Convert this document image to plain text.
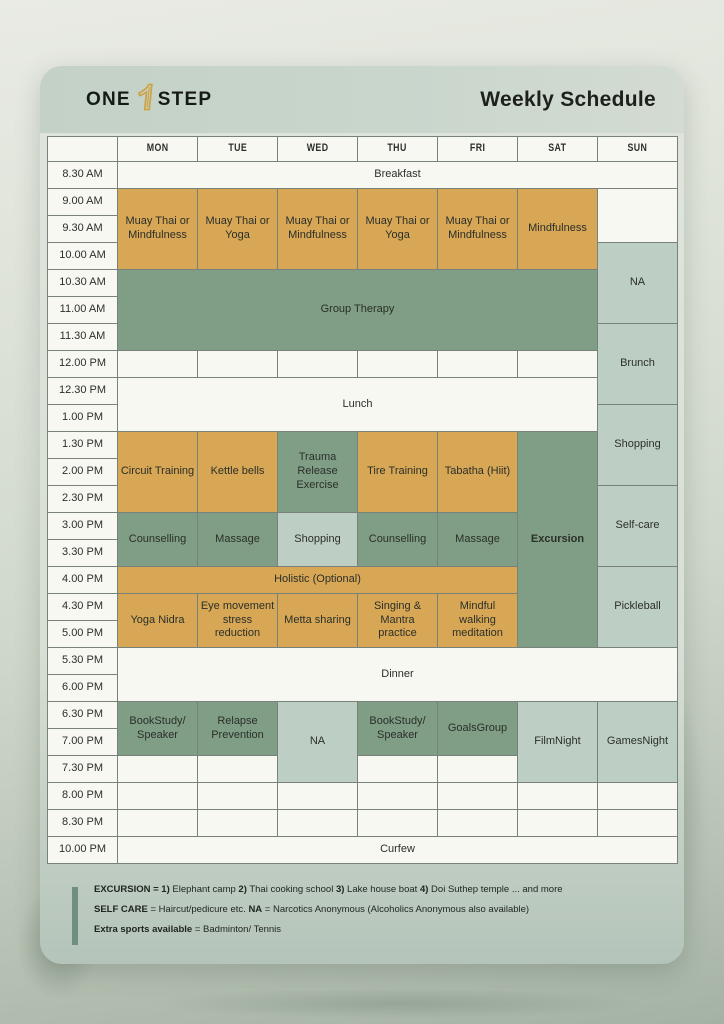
ONE STEP	Weekly Schedule
	MON	TUE	WED	THU	FRI	SAT	SUN
8.30 AM	Breakfast						
9.00 AM	Muay Thai or Mindfulness	Muay Thai or Yoga	Muay Thai or Mindfulness	Muay Thai or Yoga	Muay Thai or Mindfulness	Mindfulness	
9.30 AM							
10.00 AM							NA
10.30 AM	Group Therapy						
11.00 AM							
11.30 AM							Brunch
12.00 PM							
12.30 PM	Lunch						
1.00 PM							Shopping
1.30 PM	Circuit Training	Kettle bells	Trauma Release Exercise	Tire Training	Tabatha (Hiit)	Excursion	
2.00 PM							
2.30 PM							Self-care
3.00 PM	Counselling	Massage	Shopping	Counselling	Massage		
3.30 PM							
4.00 PM	Holistic (Optional)						Pickleball
4.30 PM	Yoga Nidra	Eye movement stress reduction	Metta sharing	Singing & Mantra practice	Mindful walking meditation		
5.00 PM							
5.30 PM	Dinner						
6.00 PM							
6.30 PM	BookStudy/ Speaker	Relapse Prevention	NA	BookStudy/ Speaker	GoalsGroup	FilmNight	GamesNight
7.00 PM							
7.30 PM							
8.00 PM							
8.30 PM							
10.00 PM	Curfew						
EXCURSION = 1) Elephant camp 2) Thai cooking school 3) Lake house boat 4) Doi Suthep temple ... and more
SELF CARE = Haircut/pedicure etc. NA = Narcotics Anonymous (Alcoholics Anonymous also available)
Extra sports available = Badminton/ Tennis
